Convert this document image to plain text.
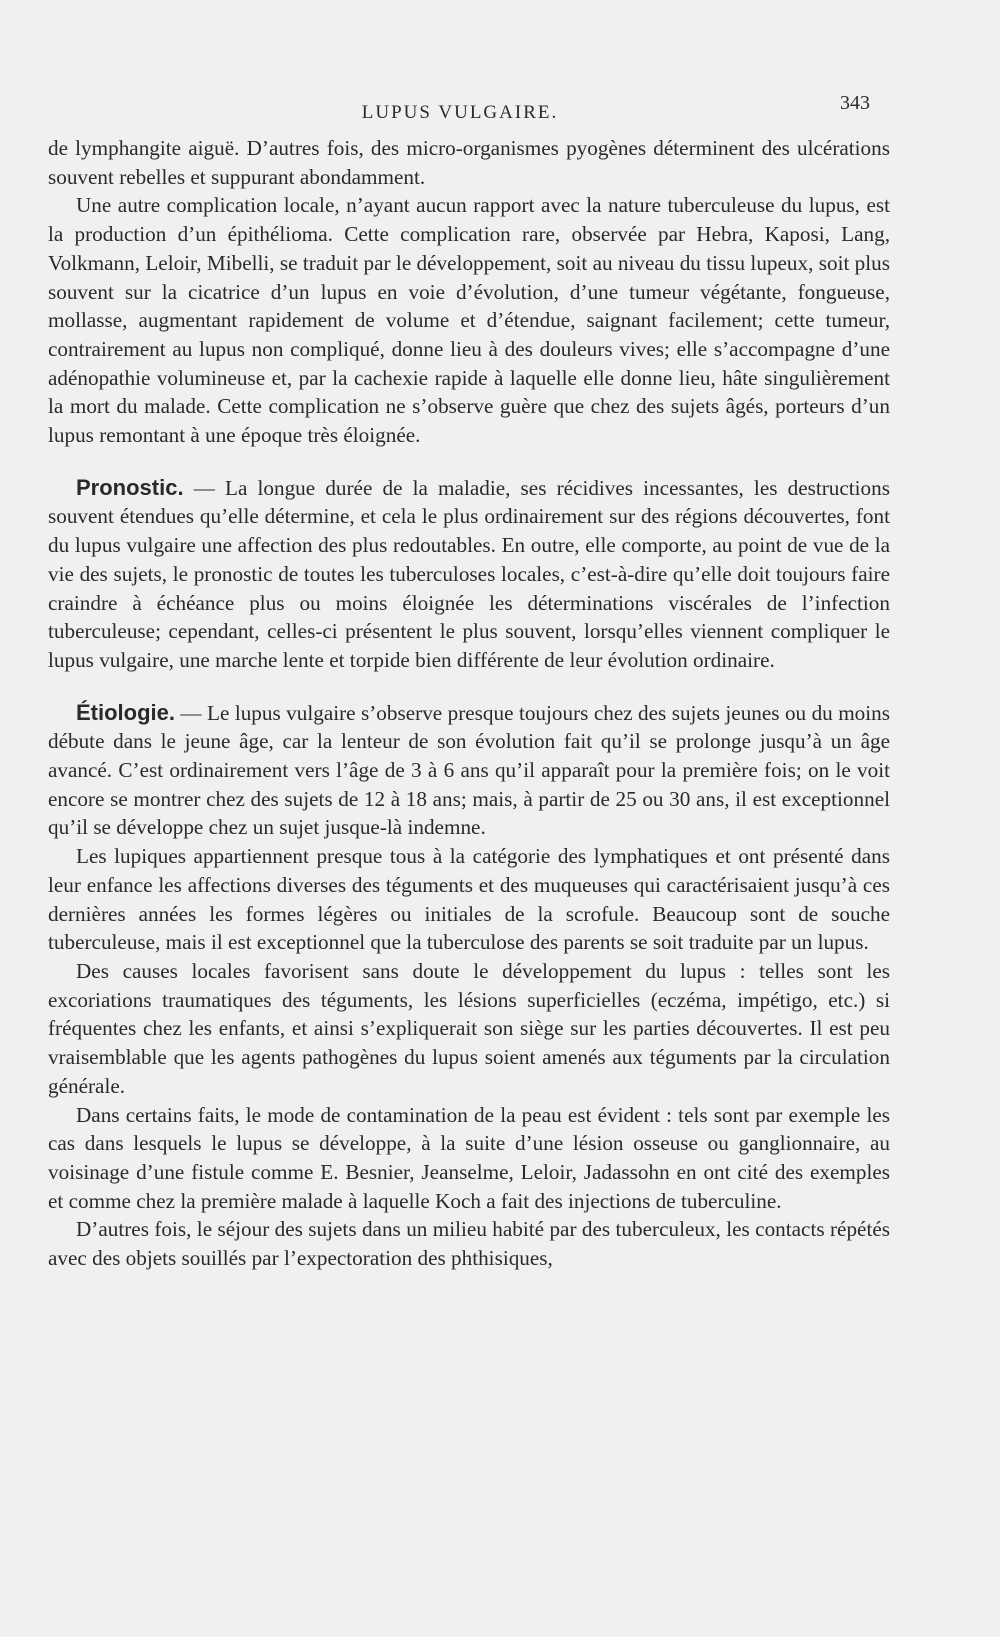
LUPUS VULGAIRE.	343

de lymphangite aiguë. D’autres fois, des micro-organismes pyogènes déterminent des ulcérations souvent rebelles et suppurant abondamment.

Une autre complication locale, n’ayant aucun rapport avec la nature tuberculeuse du lupus, est la production d’un épithélioma. Cette complication rare, observée par Hebra, Kaposi, Lang, Volkmann, Leloir, Mibelli, se traduit par le développement, soit au niveau du tissu lupeux, soit plus souvent sur la cicatrice d’un lupus en voie d’évolution, d’une tumeur végétante, fongueuse, mollasse, augmentant rapidement de volume et d’étendue, saignant facilement; cette tumeur, contrairement au lupus non compliqué, donne lieu à des douleurs vives; elle s’accompagne d’une adénopathie volumineuse et, par la cachexie rapide à laquelle elle donne lieu, hâte singulièrement la mort du malade. Cette complication ne s’observe guère que chez des sujets âgés, porteurs d’un lupus remontant à une époque très éloignée.

Pronostic. — La longue durée de la maladie, ses récidives incessantes, les destructions souvent étendues qu’elle détermine, et cela le plus ordinairement sur des régions découvertes, font du lupus vulgaire une affection des plus redoutables. En outre, elle comporte, au point de vue de la vie des sujets, le pronostic de toutes les tuberculoses locales, c’est-à-dire qu’elle doit toujours faire craindre à échéance plus ou moins éloignée les déterminations viscérales de l’infection tuberculeuse; cependant, celles-ci présentent le plus souvent, lorsqu’elles viennent compliquer le lupus vulgaire, une marche lente et torpide bien différente de leur évolution ordinaire.

Étiologie. — Le lupus vulgaire s’observe presque toujours chez des sujets jeunes ou du moins débute dans le jeune âge, car la lenteur de son évolution fait qu’il se prolonge jusqu’à un âge avancé. C’est ordinairement vers l’âge de 3 à 6 ans qu’il apparaît pour la première fois; on le voit encore se montrer chez des sujets de 12 à 18 ans; mais, à partir de 25 ou 30 ans, il est exceptionnel qu’il se développe chez un sujet jusque-là indemne.

Les lupiques appartiennent presque tous à la catégorie des lymphatiques et ont présenté dans leur enfance les affections diverses des téguments et des muqueuses qui caractérisaient jusqu’à ces dernières années les formes légères ou initiales de la scrofule. Beaucoup sont de souche tuberculeuse, mais il est exceptionnel que la tuberculose des parents se soit traduite par un lupus.

Des causes locales favorisent sans doute le développement du lupus : telles sont les excoriations traumatiques des téguments, les lésions superficielles (eczéma, impétigo, etc.) si fréquentes chez les enfants, et ainsi s’expliquerait son siège sur les parties découvertes. Il est peu vraisemblable que les agents pathogènes du lupus soient amenés aux téguments par la circulation générale.

Dans certains faits, le mode de contamination de la peau est évident : tels sont par exemple les cas dans lesquels le lupus se développe, à la suite d’une lésion osseuse ou ganglionnaire, au voisinage d’une fistule comme E. Besnier, Jeanselme, Leloir, Jadassohn en ont cité des exemples et comme chez la première malade à laquelle Koch a fait des injections de tuberculine.

D’autres fois, le séjour des sujets dans un milieu habité par des tuberculeux, les contacts répétés avec des objets souillés par l’expectoration des phthisiques,
